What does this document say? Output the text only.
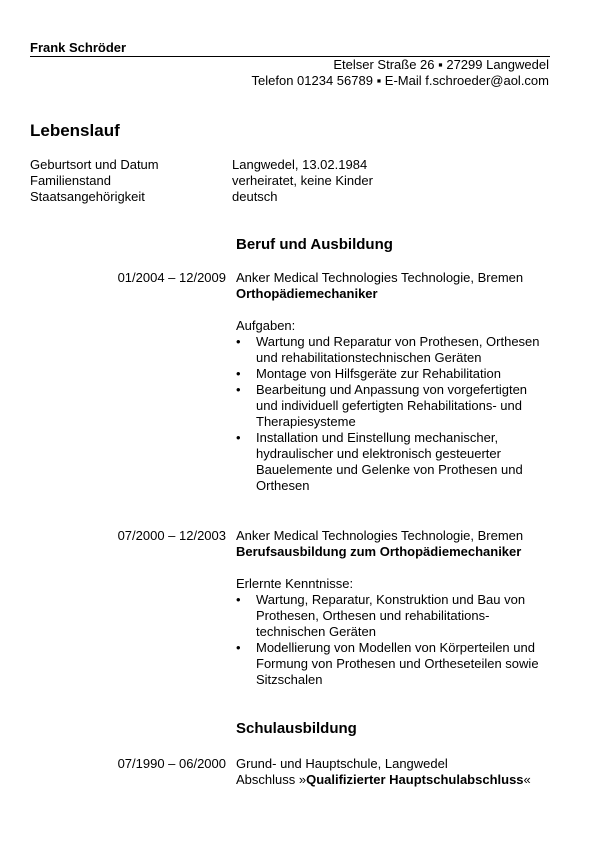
Frank Schröder
Etelser Straße 26 ▪ 27299 Langwedel
Telefon 01234 56789 ▪ E-Mail f.schroeder@aol.com
Lebenslauf
Geburtsort und Datum	Langwedel, 13.02.1984
Familienstand	verheiratet, keine Kinder
Staatsangehörigkeit	deutsch
Beruf und Ausbildung
01/2004 – 12/2009 Anker Medical Technologies Technologie, Bremen
Orthopädiemechaniker
Aufgaben:
• Wartung und Reparatur von Prothesen, Orthesen und rehabilitationstechnischen Geräten
• Montage von Hilfsgeräte zur Rehabilitation
• Bearbeitung und Anpassung von vorgefertigten und individuell gefertigten Rehabilitations- und Therapiesysteme
• Installation und Einstellung mechanischer, hydraulischer und elektronisch gesteuerter Bauelemente und Gelenke von Prothesen und Orthesen
07/2000 – 12/2003 Anker Medical Technologies Technologie, Bremen
Berufsausbildung zum Orthopädiemechaniker
Erlernte Kenntnisse:
• Wartung, Reparatur, Konstruktion und Bau von Prothesen, Orthesen und rehabilitations-technischen Geräten
• Modellierung von Modellen von Körperteilen und Formung von Prothesen und Ortheseteilen sowie Sitzschalen
Schulausbildung
07/1990 – 06/2000 Grund- und Hauptschule, Langwedel
Abschluss »Qualifizierter Hauptschulabschluss«
